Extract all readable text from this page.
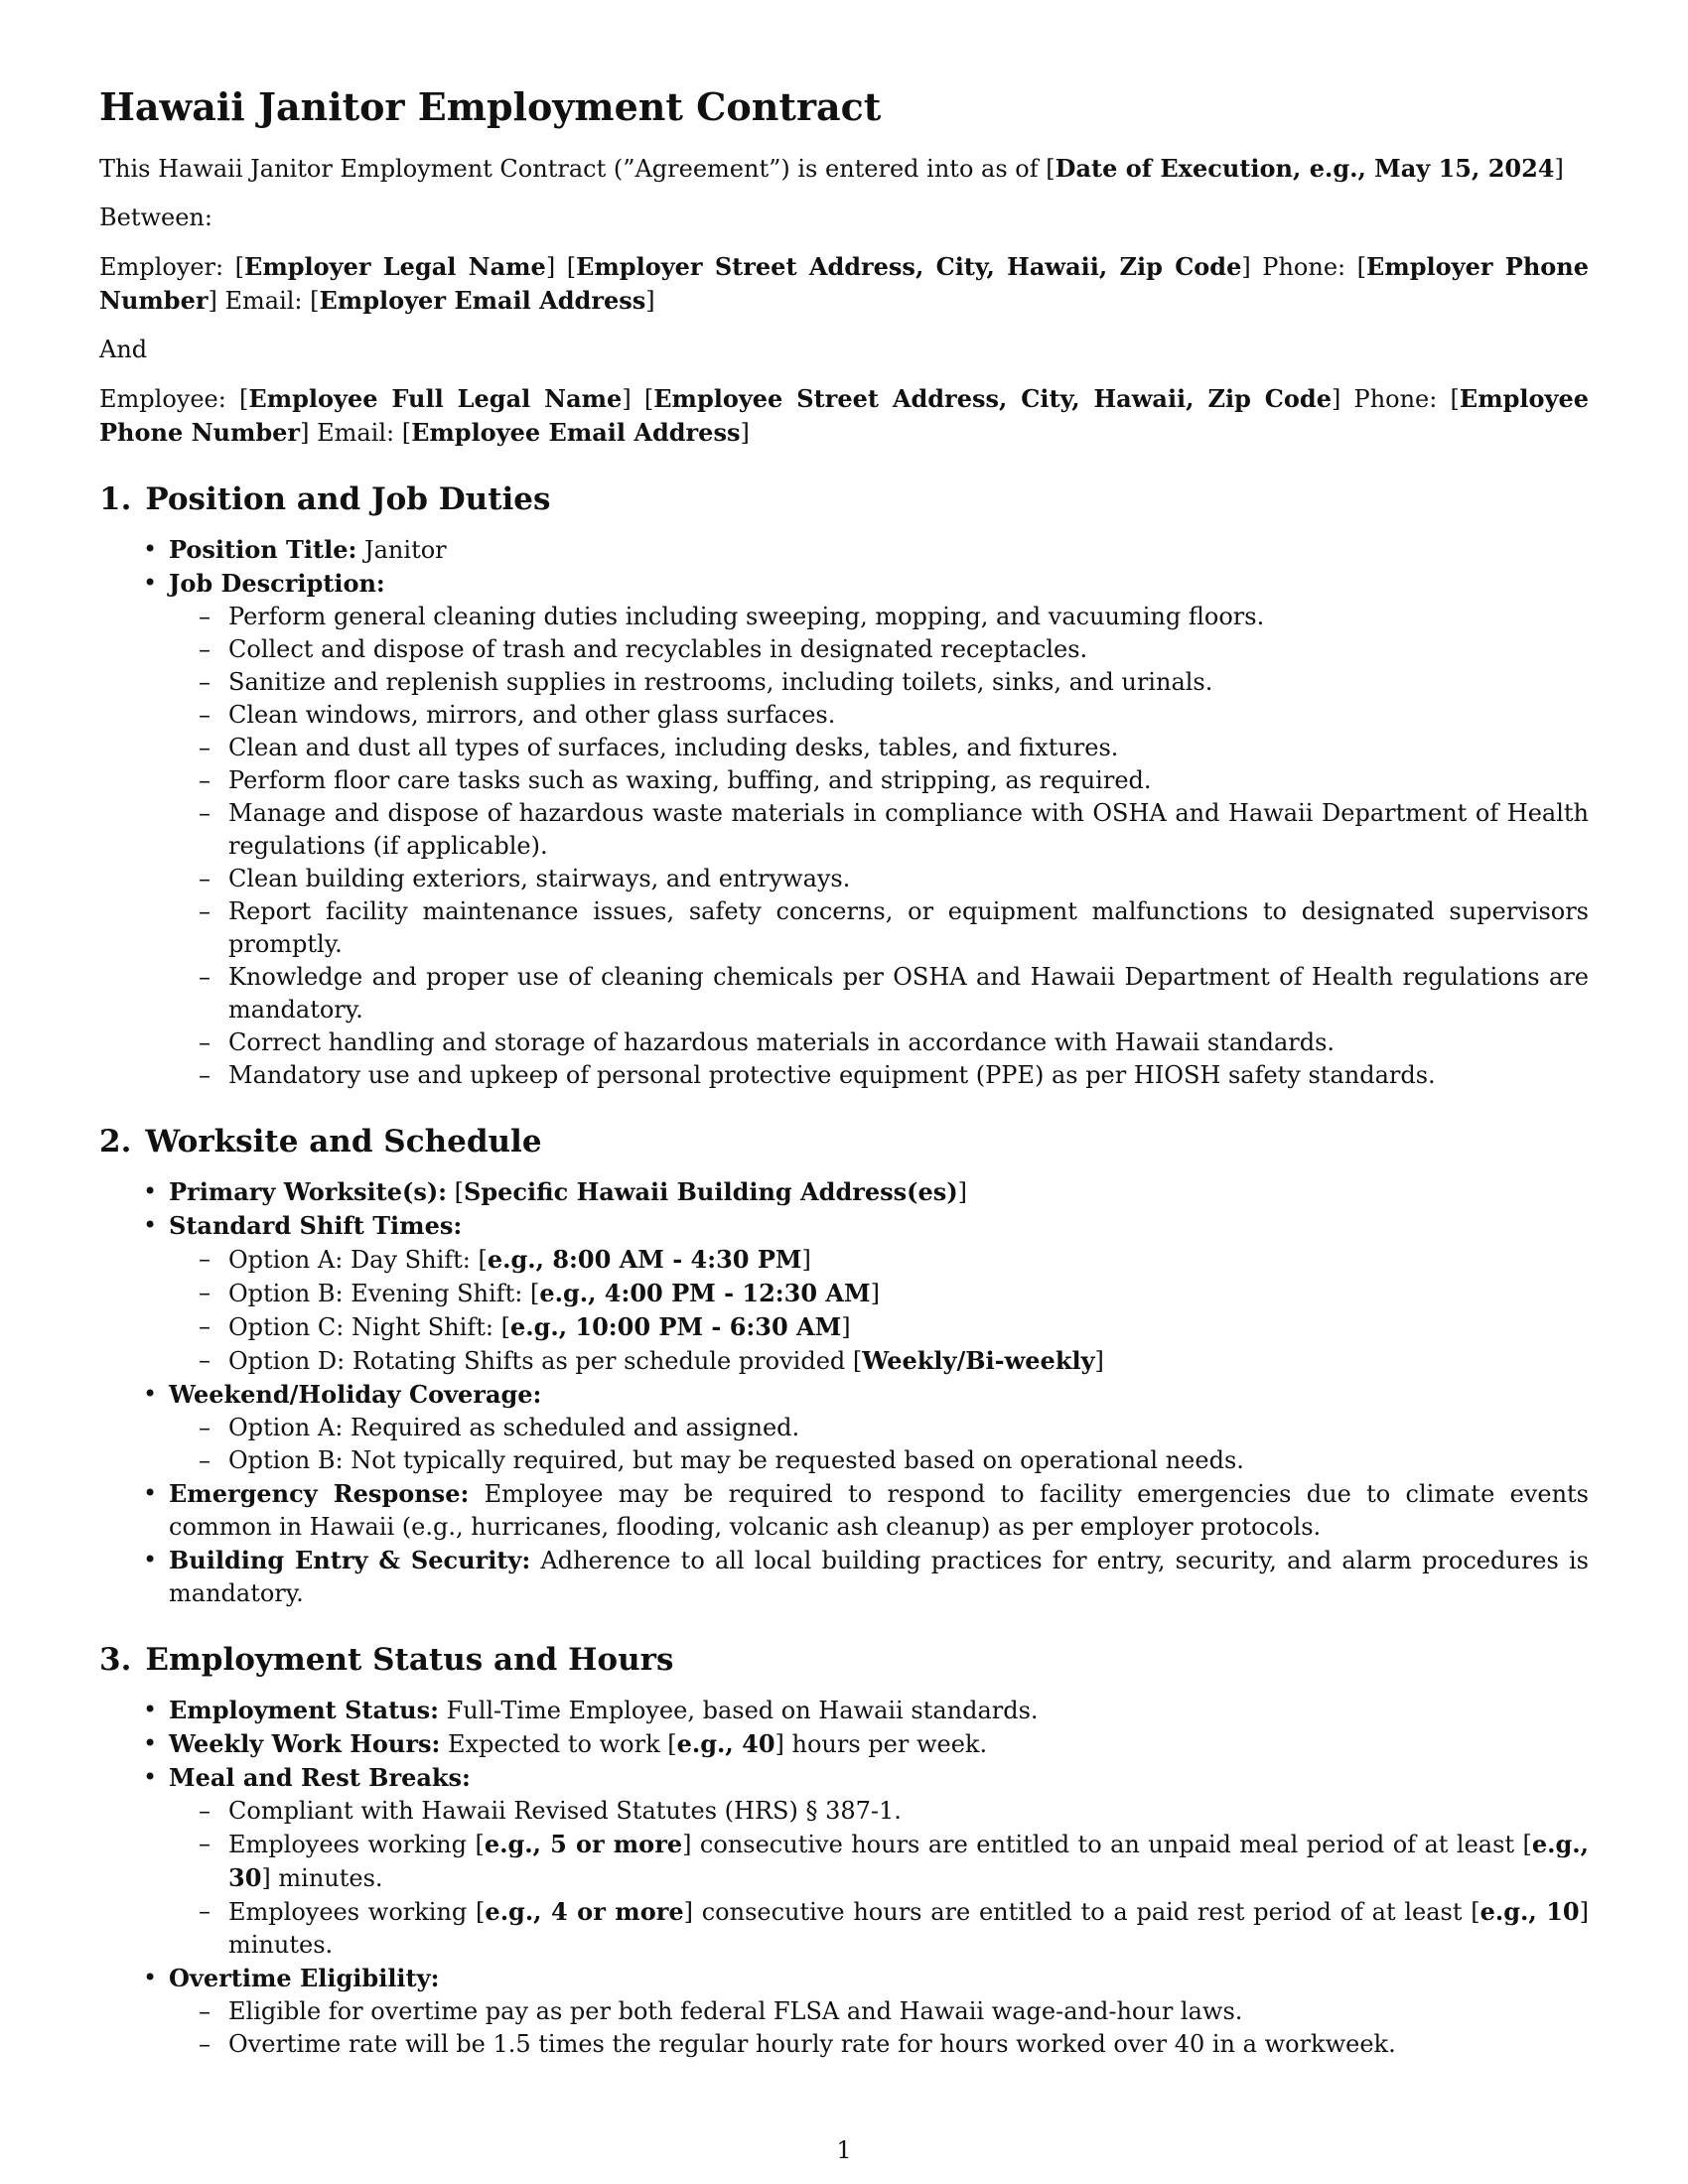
Hawaii Janitor Employment Contract

This Hawaii Janitor Employment Contract (”Agreement”) is entered into as of [Date of Execution, e.g., May 15, 2024]

Between:

Employer: [Employer Legal Name] [Employer Street Address, City, Hawaii, Zip Code] Phone: [Employer Phone Number] Email: [Employer Email Address]

And

Employee: [Employee Full Legal Name] [Employee Street Address, City, Hawaii, Zip Code] Phone: [Employee Phone Number] Email: [Employee Email Address]

1. Position and Job Duties
• Position Title: Janitor
• Job Description:
– Perform general cleaning duties including sweeping, mopping, and vacuuming floors.
– Collect and dispose of trash and recyclables in designated receptacles.
– Sanitize and replenish supplies in restrooms, including toilets, sinks, and urinals.
– Clean windows, mirrors, and other glass surfaces.
– Clean and dust all types of surfaces, including desks, tables, and fixtures.
– Perform floor care tasks such as waxing, buffing, and stripping, as required.
– Manage and dispose of hazardous waste materials in compliance with OSHA and Hawaii Department of Health regulations (if applicable).
– Clean building exteriors, stairways, and entryways.
– Report facility maintenance issues, safety concerns, or equipment malfunctions to designated supervisors promptly.
– Knowledge and proper use of cleaning chemicals per OSHA and Hawaii Department of Health regulations are mandatory.
– Correct handling and storage of hazardous materials in accordance with Hawaii standards.
– Mandatory use and upkeep of personal protective equipment (PPE) as per HIOSH safety standards.
2. Worksite and Schedule
• Primary Worksite(s): [Specific Hawaii Building Address(es)]
• Standard Shift Times:
– Option A: Day Shift: [e.g., 8:00 AM - 4:30 PM]
– Option B: Evening Shift: [e.g., 4:00 PM - 12:30 AM]
– Option C: Night Shift: [e.g., 10:00 PM - 6:30 AM]
– Option D: Rotating Shifts as per schedule provided [Weekly/Bi-weekly]
• Weekend/Holiday Coverage:
– Option A: Required as scheduled and assigned.
– Option B: Not typically required, but may be requested based on operational needs.
• Emergency Response: Employee may be required to respond to facility emergencies due to climate events common in Hawaii (e.g., hurricanes, flooding, volcanic ash cleanup) as per employer protocols.
• Building Entry & Security: Adherence to all local building practices for entry, security, and alarm procedures is mandatory.
3. Employment Status and Hours
• Employment Status: Full-Time Employee, based on Hawaii standards.
• Weekly Work Hours: Expected to work [e.g., 40] hours per week.
• Meal and Rest Breaks:
– Compliant with Hawaii Revised Statutes (HRS) § 387-1.
– Employees working [e.g., 5 or more] consecutive hours are entitled to an unpaid meal period of at least [e.g., 30] minutes.
– Employees working [e.g., 4 or more] consecutive hours are entitled to a paid rest period of at least [e.g., 10] minutes.
• Overtime Eligibility:
– Eligible for overtime pay as per both federal FLSA and Hawaii wage-and-hour laws.
– Overtime rate will be 1.5 times the regular hourly rate for hours worked over 40 in a workweek.
1
